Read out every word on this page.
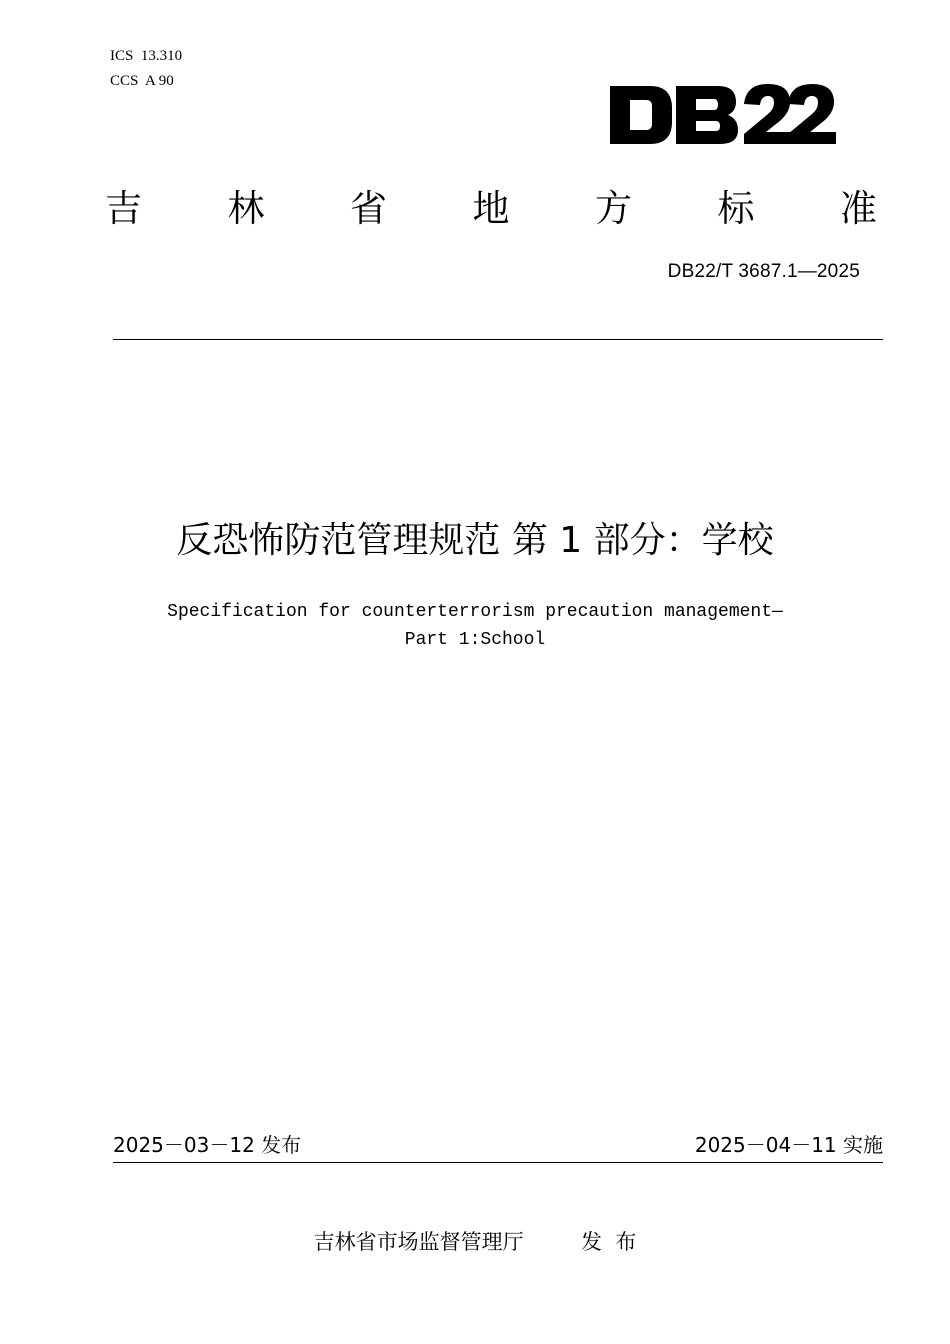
ICS  13.310
CCS  A 90
吉 林 省 地 方 标 准
DB22/T 3687.1—2025
反恐怖防范管理规范 第 1 部分：学校
Specification for counterterrorism precaution management—
Part 1:School
2025－03－12 发布	2025－04－11 实施
吉林省市场监督管理厅	发  布
